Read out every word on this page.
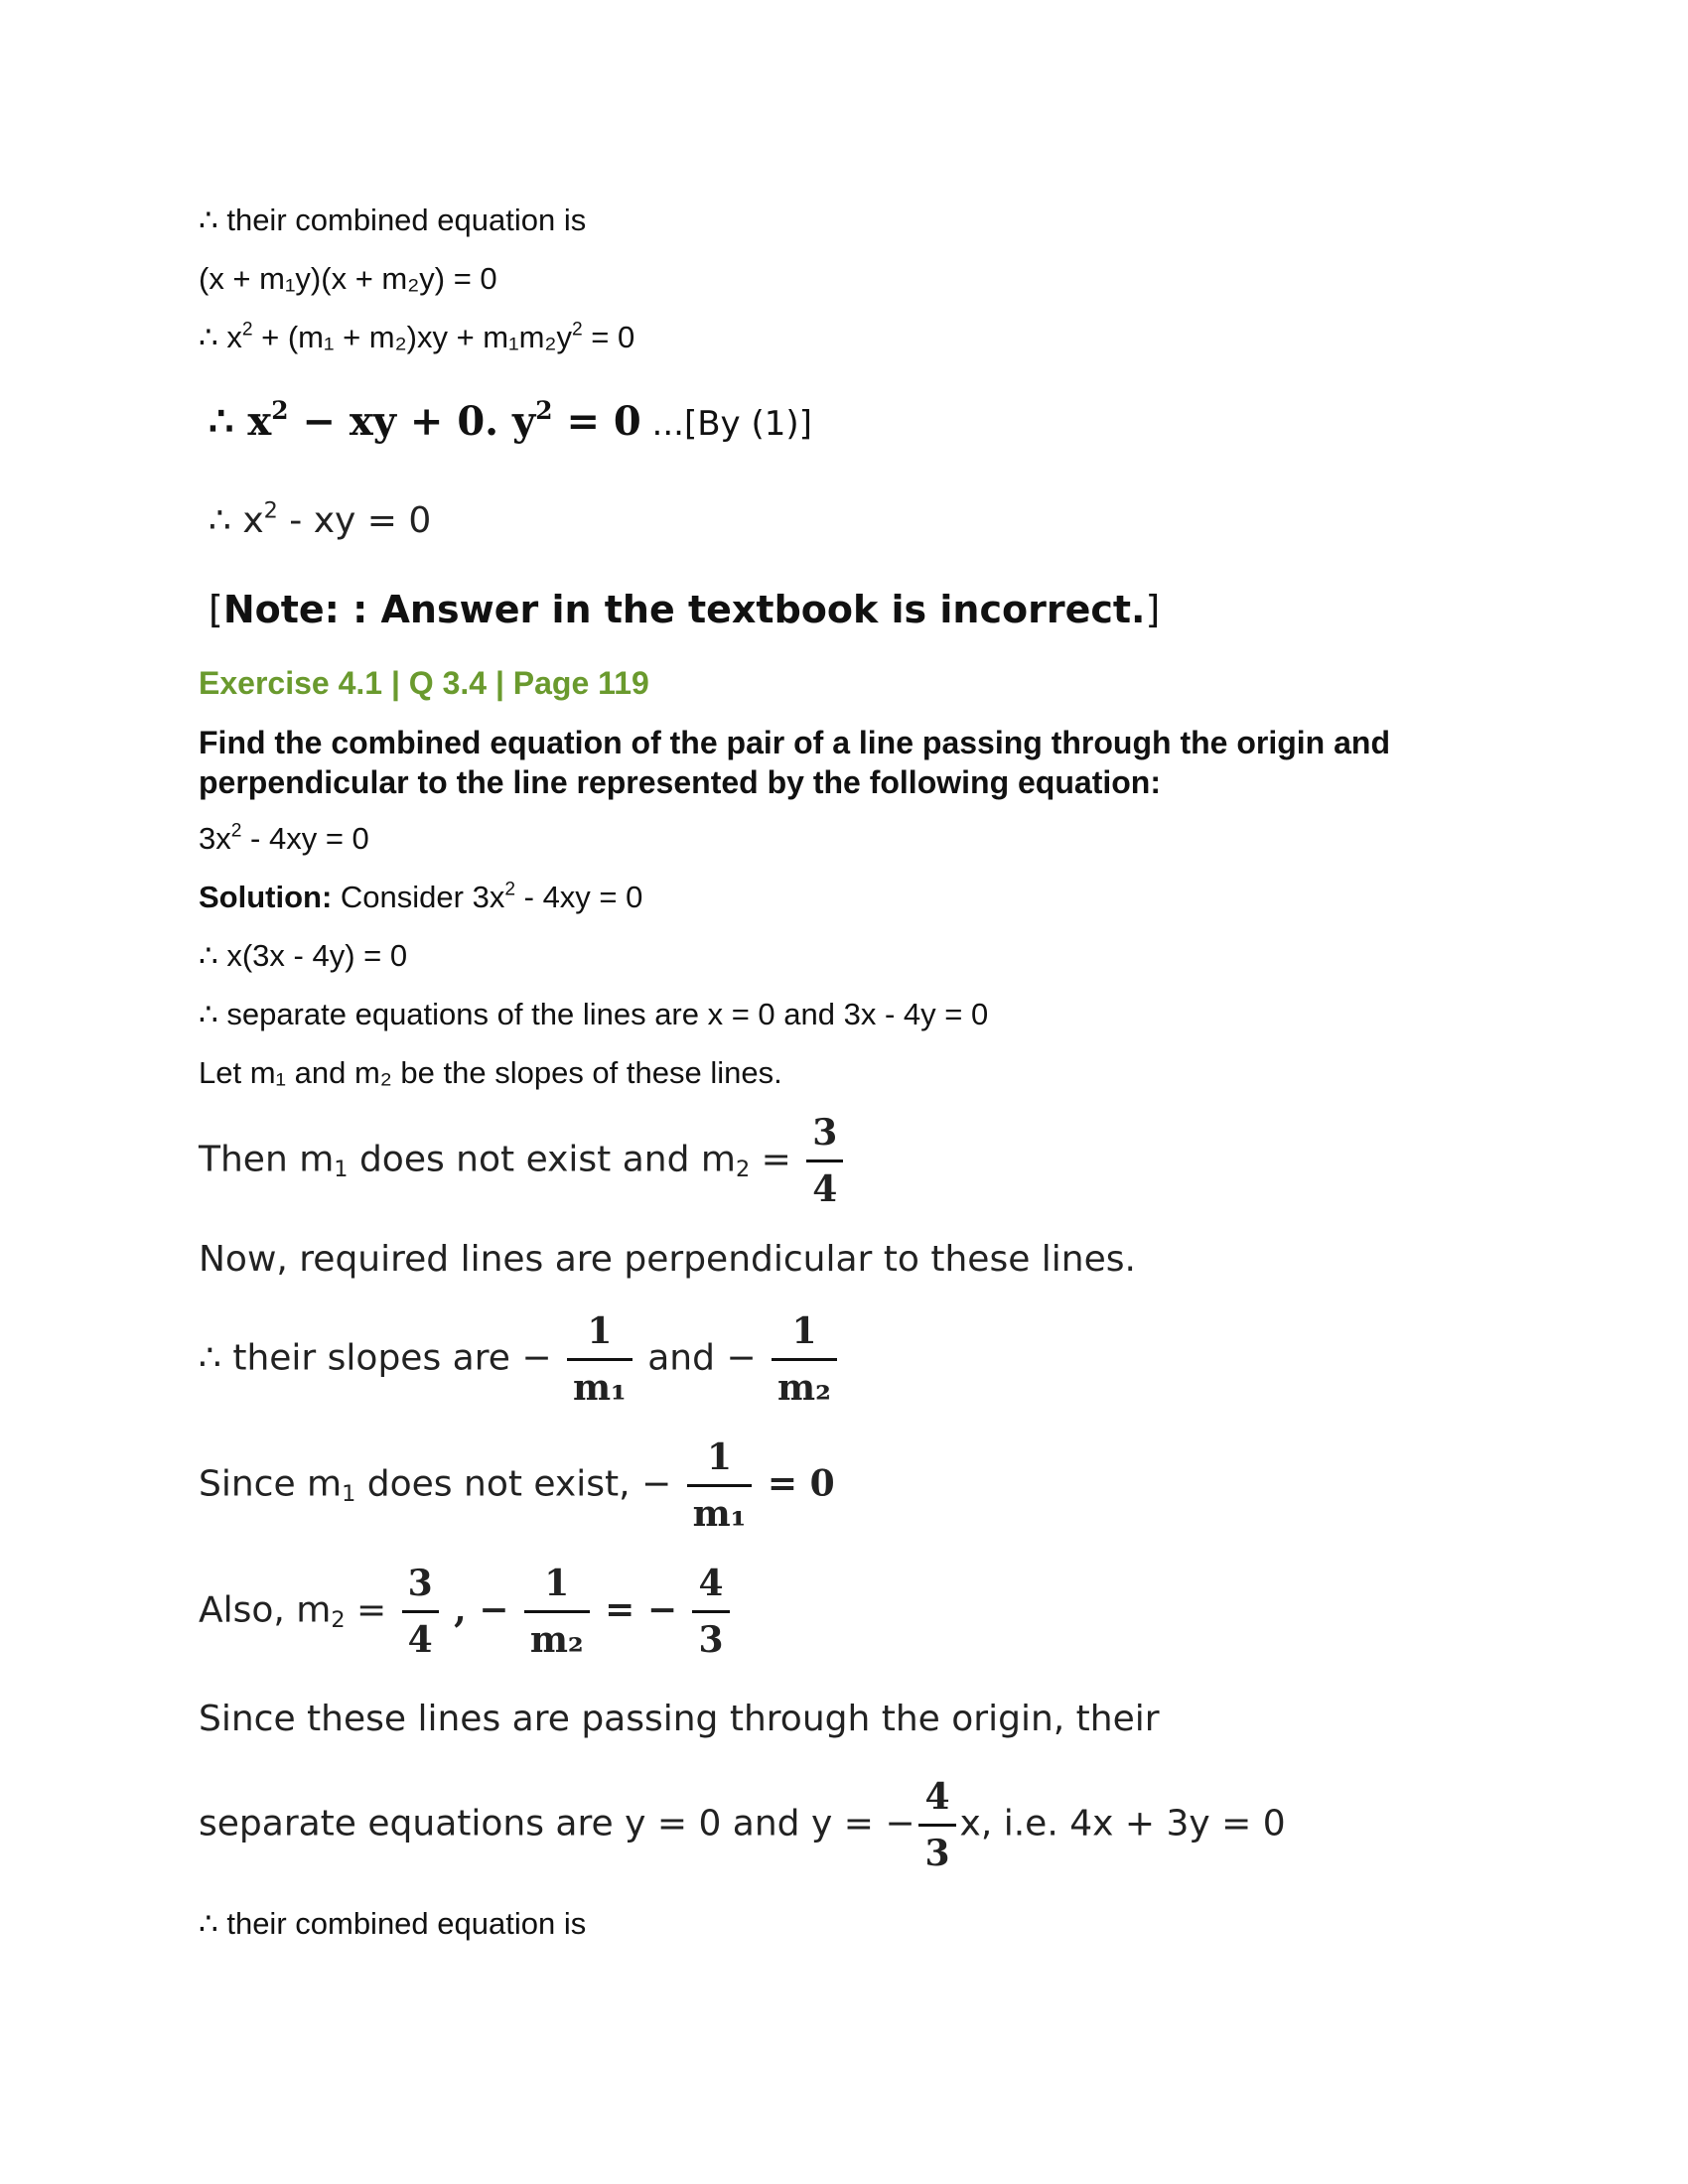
∴ their combined equation is
(x + m₁y)(x + m₂y) = 0
∴ $x^2 + (m_1 + m_2)xy + m_1m_2y^2 = 0$
∴ $x^2$ − xy + 0. $y^2 = 0$ ...[By (1)]
∴ $x^2$ - xy = 0
[Note: : Answer in the textbook is incorrect.]
Exercise 4.1 | Q 3.4 | Page 119
Find the combined equation of the pair of a line passing through the origin and perpendicular to the line represented by the following equation:
$3x^2 - 4xy = 0$
Solution: Consider $3x^2 - 4xy = 0$
∴ x(3x - 4y) = 0
∴ separate equations of the lines are x = 0 and 3x - 4y = 0
Let m₁ and m₂ be the slopes of these lines.
Then $m_1$ does not exist and $m_2 = \frac{3}{4}$
Now, required lines are perpendicular to these lines.
∴ their slopes are − $\frac{1}{\text{m₁}}$ and − $\frac{1}{\text{m₂}}$
Since $m_1$ does not exist, − $\frac{1}{\text{m₁}} = 0$
Also, $m_2 = \frac{3}{4}$ , − $\frac{1}{\text{m₂}}$ = − $\frac{4}{3}$
Since these lines are passing through the origin, their
separate equations are y = 0 and y = − $\frac{4}{3} x$, i.e. 4x + 3y = 0
∴ their combined equation is
